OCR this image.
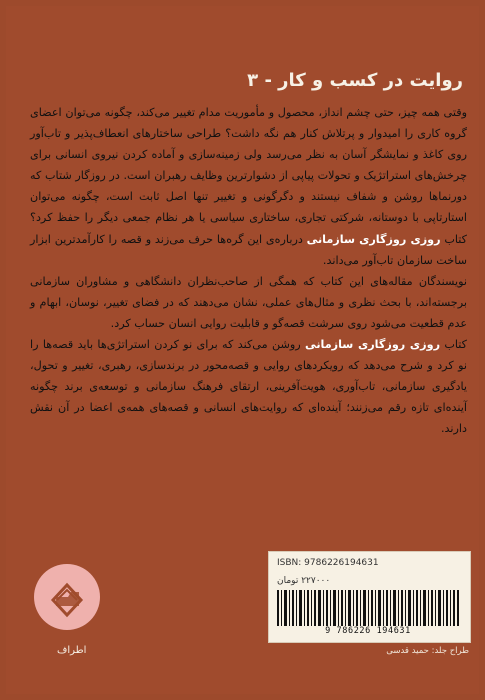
روایت در کسب و کار - ۳

وقتی همه چیز، حتی چشم انداز، محصول و مأموریت مدام تغییر می‌کند، چگونه می‌توان اعضای گروه کاری را امیدوار و پرتلاش کنار هم نگه داشت؟ طراحی ساختارهای انعطاف‌پذیر و تاب‌آور روی کاغذ و نمایشگر آسان به نظر می‌رسد ولی زمینه‌سازی و آماده کردن نیروی انسانی برای چرخش‌های استراتژیک و تحولات پیاپی از دشوارترین وظایف رهبران است. در روزگار شتاب که دورنماها روشن و شفاف نیستند و دگرگونی و تغییر تنها اصل ثابت است، چگونه می‌توان استارتاپی با دوستانه، شرکتی تجاری، ساختاری سیاسی یا هر نظام جمعی دیگر را حفظ کرد؟ کتاب روزی روزگاری سازمانی درباره‌ی این گره‌ها حرف می‌زند و قصه را کارآمدترین ابزار ساخت سازمان تاب‌آور می‌داند.

نویسندگان مقاله‌های این کتاب که همگی از صاحب‌نظران دانشگاهی و مشاوران سازمانی برجسته‌اند، با بحث نظری و مثال‌های عملی، نشان می‌دهند که در فضای تغییر، نوسان، ابهام و عدم قطعیت می‌شود روی سرشت قصه‌گو و قابلیت روایی انسان حساب کرد.

کتاب روزی روزگاری سازمانی روشن می‌کند که برای نو کردن استراتژی‌ها باید قصه‌ها را نو کرد و شرح می‌دهد که رویکردهای روایی و قصه‌محور در برندسازی، رهبری، تغییر و تحول، یادگیری سازمانی، تاب‌آوری، هویت‌آفرینی، ارتقای فرهنگ سازمانی و توسعه‌ی برند چگونه آینده‌ای تازه رقم می‌زنند؛ آینده‌ای که روایت‌های انسانی و قصه‌های همه‌ی اعضا در آن نقش دارند.

اطراف
ISBN: 9786226194631
۲۲۷۰۰۰ تومان
9 786226 194631
طراح جلد: حمید قدسی
